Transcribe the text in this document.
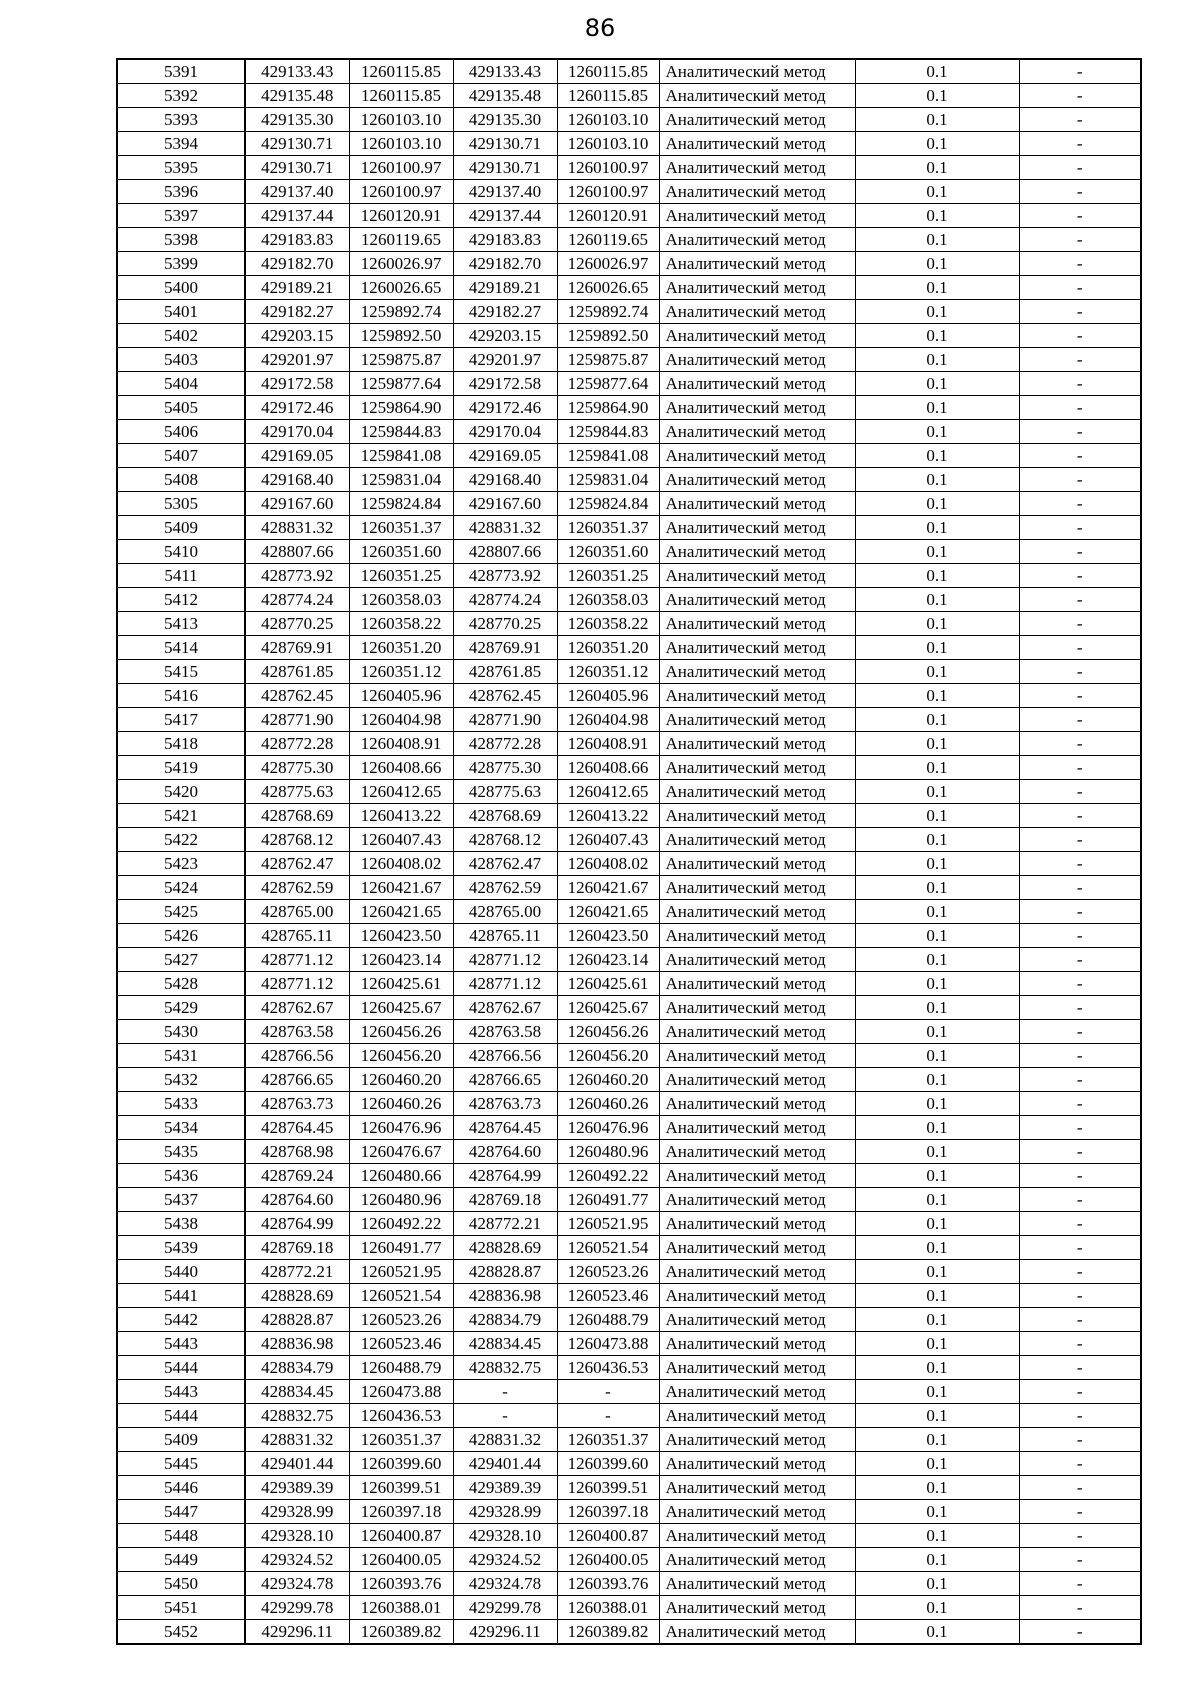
86
5391	429133.43	1260115.85	429133.43	1260115.85	Аналитический метод	0.1	-
5392	429135.48	1260115.85	429135.48	1260115.85	Аналитический метод	0.1	-
5393	429135.30	1260103.10	429135.30	1260103.10	Аналитический метод	0.1	-
5394	429130.71	1260103.10	429130.71	1260103.10	Аналитический метод	0.1	-
5395	429130.71	1260100.97	429130.71	1260100.97	Аналитический метод	0.1	-
5396	429137.40	1260100.97	429137.40	1260100.97	Аналитический метод	0.1	-
5397	429137.44	1260120.91	429137.44	1260120.91	Аналитический метод	0.1	-
5398	429183.83	1260119.65	429183.83	1260119.65	Аналитический метод	0.1	-
5399	429182.70	1260026.97	429182.70	1260026.97	Аналитический метод	0.1	-
5400	429189.21	1260026.65	429189.21	1260026.65	Аналитический метод	0.1	-
5401	429182.27	1259892.74	429182.27	1259892.74	Аналитический метод	0.1	-
5402	429203.15	1259892.50	429203.15	1259892.50	Аналитический метод	0.1	-
5403	429201.97	1259875.87	429201.97	1259875.87	Аналитический метод	0.1	-
5404	429172.58	1259877.64	429172.58	1259877.64	Аналитический метод	0.1	-
5405	429172.46	1259864.90	429172.46	1259864.90	Аналитический метод	0.1	-
5406	429170.04	1259844.83	429170.04	1259844.83	Аналитический метод	0.1	-
5407	429169.05	1259841.08	429169.05	1259841.08	Аналитический метод	0.1	-
5408	429168.40	1259831.04	429168.40	1259831.04	Аналитический метод	0.1	-
5305	429167.60	1259824.84	429167.60	1259824.84	Аналитический метод	0.1	-
5409	428831.32	1260351.37	428831.32	1260351.37	Аналитический метод	0.1	-
5410	428807.66	1260351.60	428807.66	1260351.60	Аналитический метод	0.1	-
5411	428773.92	1260351.25	428773.92	1260351.25	Аналитический метод	0.1	-
5412	428774.24	1260358.03	428774.24	1260358.03	Аналитический метод	0.1	-
5413	428770.25	1260358.22	428770.25	1260358.22	Аналитический метод	0.1	-
5414	428769.91	1260351.20	428769.91	1260351.20	Аналитический метод	0.1	-
5415	428761.85	1260351.12	428761.85	1260351.12	Аналитический метод	0.1	-
5416	428762.45	1260405.96	428762.45	1260405.96	Аналитический метод	0.1	-
5417	428771.90	1260404.98	428771.90	1260404.98	Аналитический метод	0.1	-
5418	428772.28	1260408.91	428772.28	1260408.91	Аналитический метод	0.1	-
5419	428775.30	1260408.66	428775.30	1260408.66	Аналитический метод	0.1	-
5420	428775.63	1260412.65	428775.63	1260412.65	Аналитический метод	0.1	-
5421	428768.69	1260413.22	428768.69	1260413.22	Аналитический метод	0.1	-
5422	428768.12	1260407.43	428768.12	1260407.43	Аналитический метод	0.1	-
5423	428762.47	1260408.02	428762.47	1260408.02	Аналитический метод	0.1	-
5424	428762.59	1260421.67	428762.59	1260421.67	Аналитический метод	0.1	-
5425	428765.00	1260421.65	428765.00	1260421.65	Аналитический метод	0.1	-
5426	428765.11	1260423.50	428765.11	1260423.50	Аналитический метод	0.1	-
5427	428771.12	1260423.14	428771.12	1260423.14	Аналитический метод	0.1	-
5428	428771.12	1260425.61	428771.12	1260425.61	Аналитический метод	0.1	-
5429	428762.67	1260425.67	428762.67	1260425.67	Аналитический метод	0.1	-
5430	428763.58	1260456.26	428763.58	1260456.26	Аналитический метод	0.1	-
5431	428766.56	1260456.20	428766.56	1260456.20	Аналитический метод	0.1	-
5432	428766.65	1260460.20	428766.65	1260460.20	Аналитический метод	0.1	-
5433	428763.73	1260460.26	428763.73	1260460.26	Аналитический метод	0.1	-
5434	428764.45	1260476.96	428764.45	1260476.96	Аналитический метод	0.1	-
5435	428768.98	1260476.67	428764.60	1260480.96	Аналитический метод	0.1	-
5436	428769.24	1260480.66	428764.99	1260492.22	Аналитический метод	0.1	-
5437	428764.60	1260480.96	428769.18	1260491.77	Аналитический метод	0.1	-
5438	428764.99	1260492.22	428772.21	1260521.95	Аналитический метод	0.1	-
5439	428769.18	1260491.77	428828.69	1260521.54	Аналитический метод	0.1	-
5440	428772.21	1260521.95	428828.87	1260523.26	Аналитический метод	0.1	-
5441	428828.69	1260521.54	428836.98	1260523.46	Аналитический метод	0.1	-
5442	428828.87	1260523.26	428834.79	1260488.79	Аналитический метод	0.1	-
5443	428836.98	1260523.46	428834.45	1260473.88	Аналитический метод	0.1	-
5444	428834.79	1260488.79	428832.75	1260436.53	Аналитический метод	0.1	-
5443	428834.45	1260473.88	-	-	Аналитический метод	0.1	-
5444	428832.75	1260436.53	-	-	Аналитический метод	0.1	-
5409	428831.32	1260351.37	428831.32	1260351.37	Аналитический метод	0.1	-
5445	429401.44	1260399.60	429401.44	1260399.60	Аналитический метод	0.1	-
5446	429389.39	1260399.51	429389.39	1260399.51	Аналитический метод	0.1	-
5447	429328.99	1260397.18	429328.99	1260397.18	Аналитический метод	0.1	-
5448	429328.10	1260400.87	429328.10	1260400.87	Аналитический метод	0.1	-
5449	429324.52	1260400.05	429324.52	1260400.05	Аналитический метод	0.1	-
5450	429324.78	1260393.76	429324.78	1260393.76	Аналитический метод	0.1	-
5451	429299.78	1260388.01	429299.78	1260388.01	Аналитический метод	0.1	-
5452	429296.11	1260389.82	429296.11	1260389.82	Аналитический метод	0.1	-
